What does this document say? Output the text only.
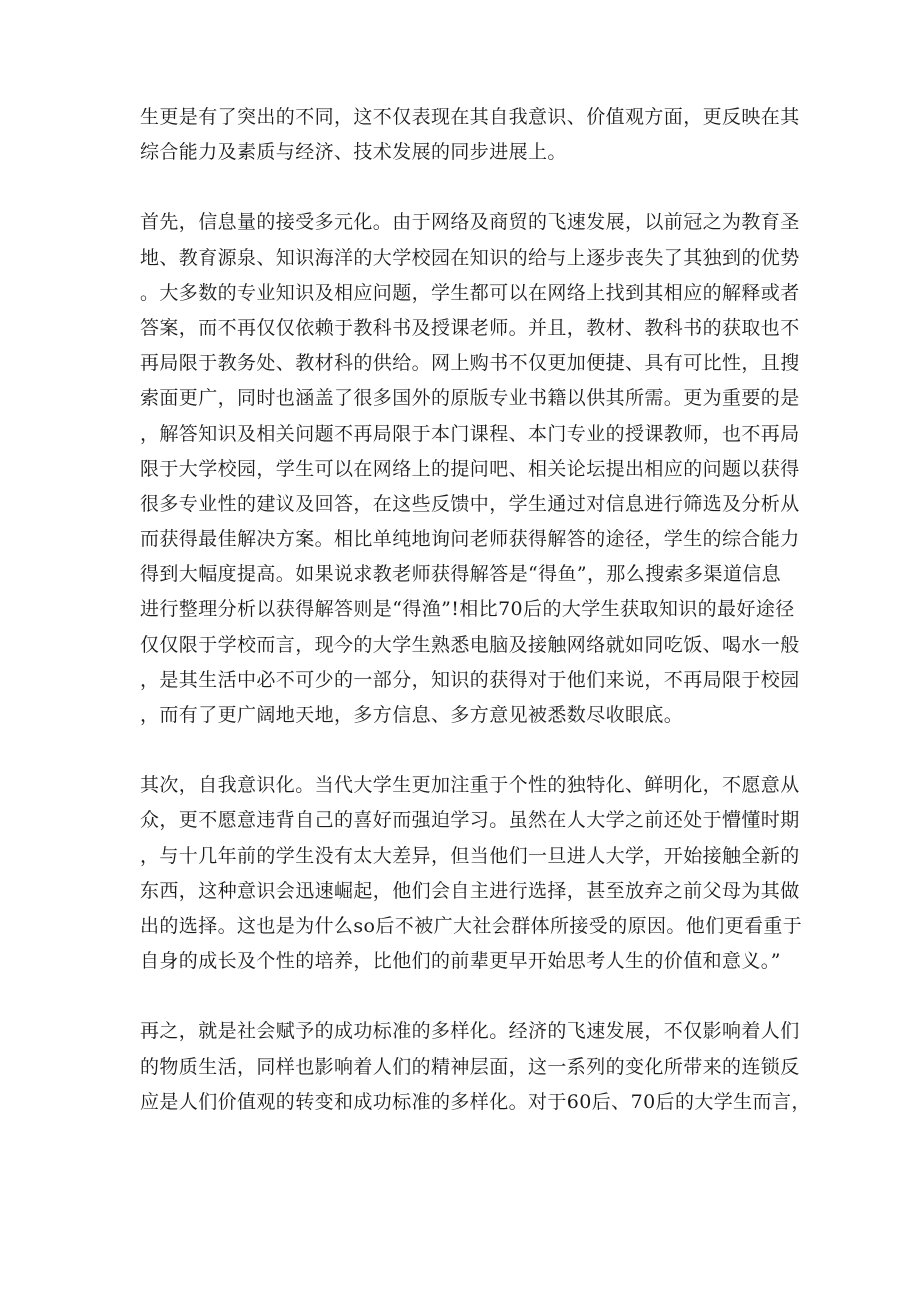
生更是有了突出的不同，这不仅表现在其自我意识、价值观方面，更反映在其
综合能力及素质与经济、技术发展的同步进展上。
首先，信息量的接受多元化。由于网络及商贸的飞速发展，以前冠之为教育圣
地、教育源泉、知识海洋的大学校园在知识的给与上逐步丧失了其独到的优势
。大多数的专业知识及相应问题，学生都可以在网络上找到其相应的解释或者
答案，而不再仅仅依赖于教科书及授课老师。并且，教材、教科书的获取也不
再局限于教务处、教材科的供给。网上购书不仅更加便捷、具有可比性，且搜
索面更广，同时也涵盖了很多国外的原版专业书籍以供其所需。更为重要的是
，解答知识及相关问题不再局限于本门课程、本门专业的授课教师，也不再局
限于大学校园，学生可以在网络上的提问吧、相关论坛提出相应的问题以获得
很多专业性的建议及回答，在这些反馈中，学生通过对信息进行筛选及分析从
而获得最佳解决方案。相比单纯地询问老师获得解答的途径，学生的综合能力
得到大幅度提高。如果说求教老师获得解答是“得鱼”，那么搜索多渠道信息
进行整理分析以获得解答则是“得渔”!相比70后的大学生获取知识的最好途径
仅仅限于学校而言，现今的大学生熟悉电脑及接触网络就如同吃饭、喝水一般
，是其生活中必不可少的一部分，知识的获得对于他们来说，不再局限于校园
，而有了更广阔地天地，多方信息、多方意见被悉数尽收眼底。
其次，自我意识化。当代大学生更加注重于个性的独特化、鲜明化，不愿意从
众，更不愿意违背自己的喜好而强迫学习。虽然在人大学之前还处于懵懂时期
，与十几年前的学生没有太大差异，但当他们一旦进人大学，开始接触全新的
东西，这种意识会迅速崛起，他们会自主进行选择，甚至放弃之前父母为其做
出的选择。这也是为什么so后不被广大社会群体所接受的原因。他们更看重于
自身的成长及个性的培养，比他们的前辈更早开始思考人生的价值和意义。”
再之，就是社会赋予的成功标准的多样化。经济的飞速发展，不仅影响着人们
的物质生活，同样也影响着人们的精神层面，这一系列的变化所带来的连锁反
应是人们价值观的转变和成功标准的多样化。对于60后、70后的大学生而言，
